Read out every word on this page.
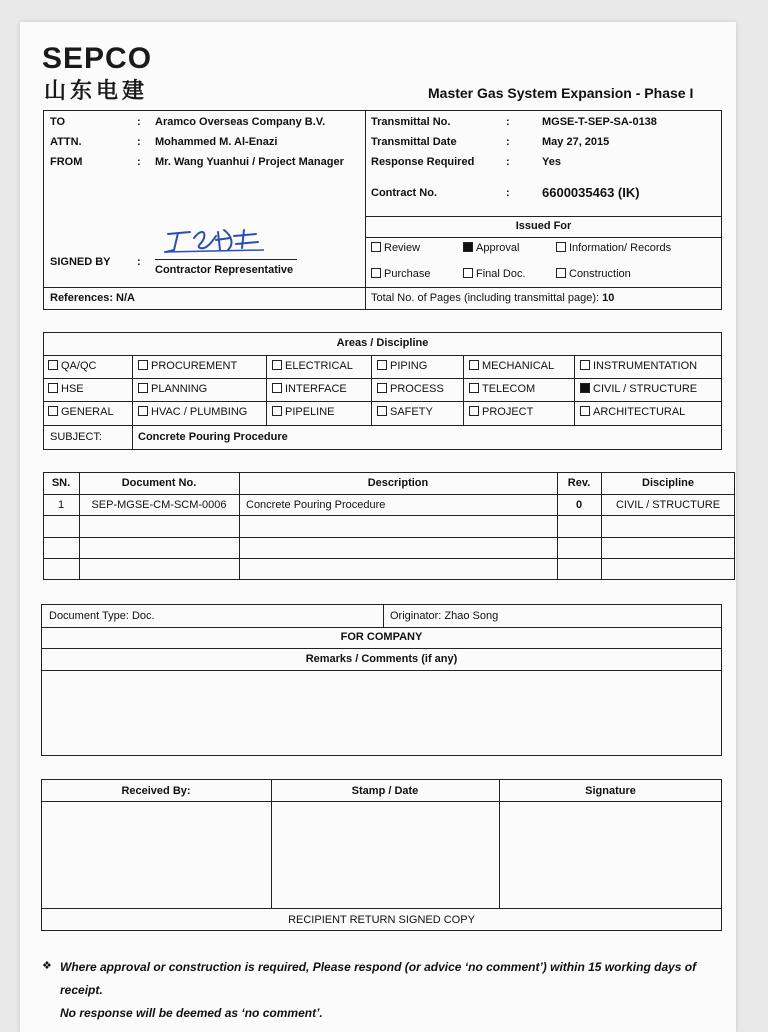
SEPCO
山东电建	Master Gas System Expansion - Phase I
TO	: Aramco Overseas Company B.V.
ATTN.	: Mohammed M. Al-Enazi
FROM	: Mr. Wang Yuanhui / Project Manager
Transmittal No.	:	MGSE-T-SEP-SA-0138
Transmittal Date	:	May 27, 2015
Response Required	:	Yes
Contract No.	: 6600035463 (IK)
SIGNED BY :
Contractor Representative
Issued For
Review	Approval	Information/ Records
Purchase	Final Doc.	Construction
References: N/A	Total No. of Pages (including transmittal page): 10
Areas / Discipline
QA/QC	PROCUREMENT	ELECTRICAL	PIPING	MECHANICAL	INSTRUMENTATION
HSE	PLANNING	INTERFACE	PROCESS	TELECOM	CIVIL / STRUCTURE
GENERAL	HVAC / PLUMBING	PIPELINE	SAFETY	PROJECT	ARCHITECTURAL
SUBJECT:	Concrete Pouring Procedure
SN.	Document No.	Description	Rev.	Discipline
1	SEP-MGSE-CM-SCM-0006	Concrete Pouring Procedure	0	CIVIL / STRUCTURE
Document Type: Doc.	Originator: Zhao Song
FOR COMPANY
Remarks / Comments (if any)
Received By:	Stamp / Date	Signature
RECIPIENT RETURN SIGNED COPY
❖ Where approval or construction is required, Please respond (or advice ‘no comment’) within 15 working days of
receipt.
No response will be deemed as ‘no comment’.
